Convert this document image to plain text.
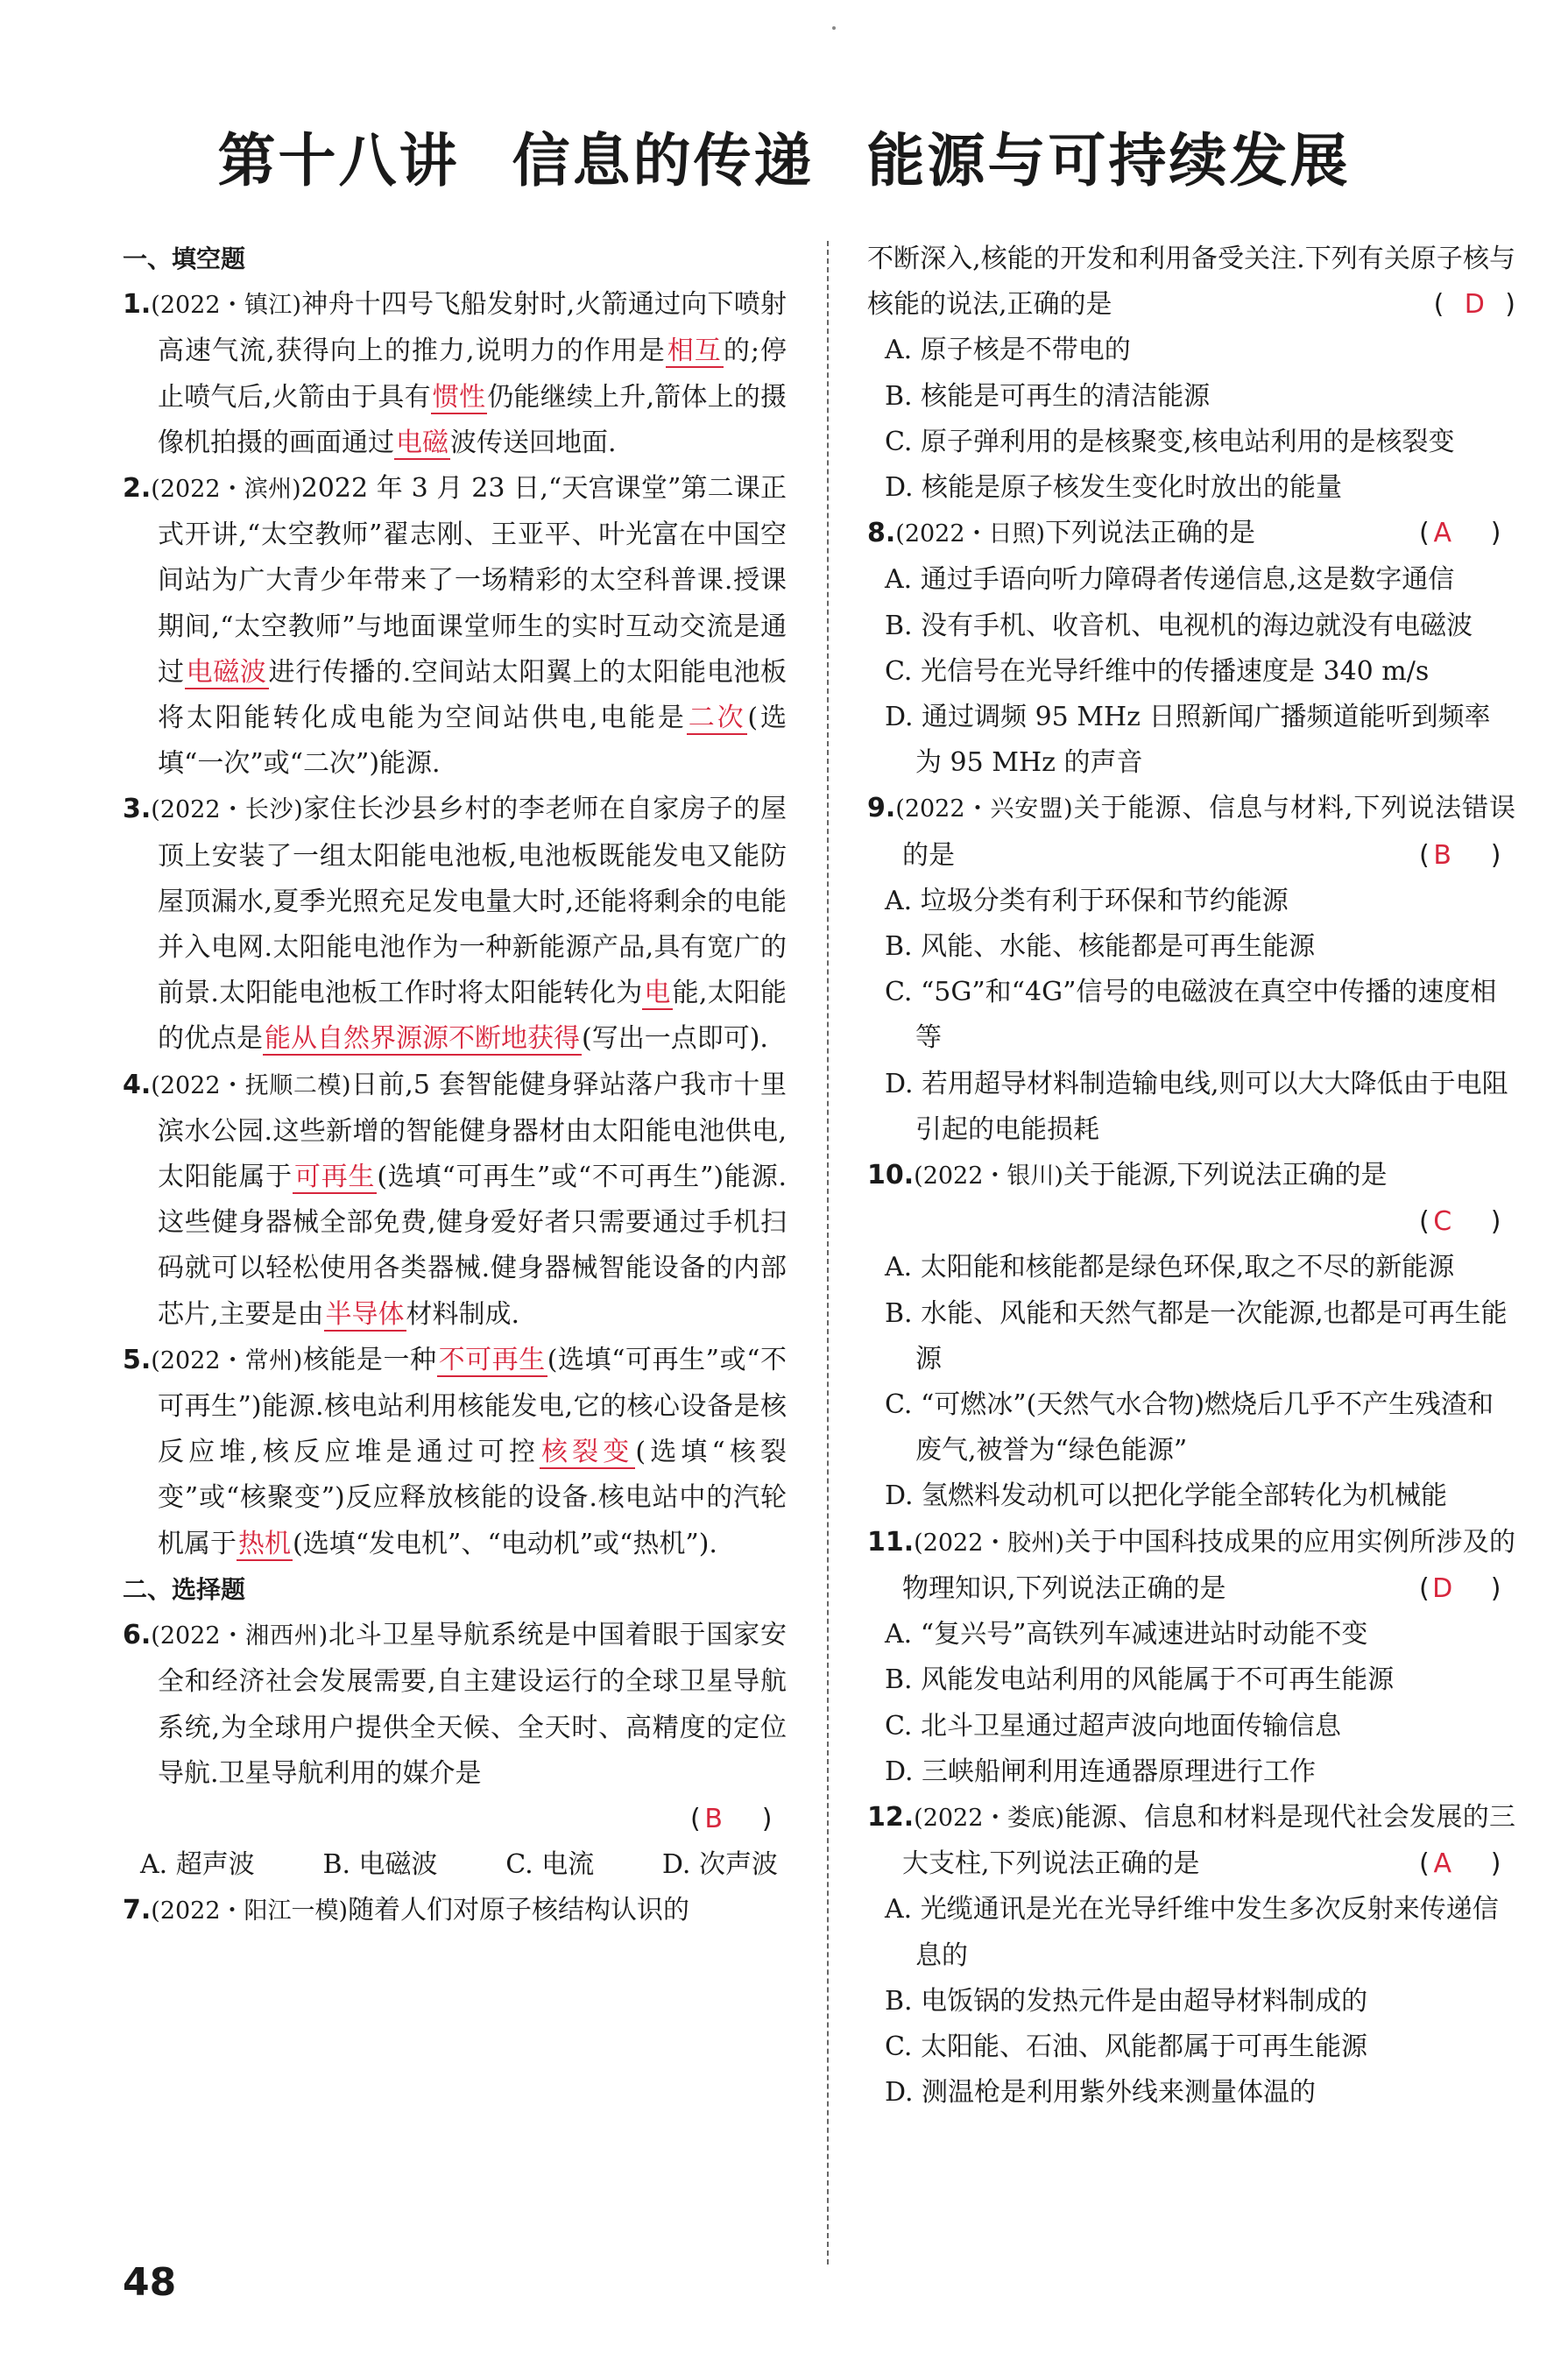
第十八讲 信息的传递 能源与可持续发展
一、填空题
1.(2022・镇江)神舟十四号飞船发射时,火箭通过向下喷射高速气流,获得向上的推力,说明力的作用是相互的;停止喷气后,火箭由于具有惯性仍能继续上升,箭体上的摄像机拍摄的画面通过电磁波传送回地面.
2.(2022・滨州)2022 年 3 月 23 日,“天宫课堂”第二课正式开讲,“太空教师”翟志刚、王亚平、叶光富在中国空间站为广大青少年带来了一场精彩的太空科普课.授课期间,“太空教师”与地面课堂师生的实时互动交流是通过电磁波进行传播的.空间站太阳翼上的太阳能电池板将太阳能转化成电能为空间站供电,电能是二次(选填“一次”或“二次”)能源.
3.(2022・长沙)家住长沙县乡村的李老师在自家房子的屋顶上安装了一组太阳能电池板,电池板既能发电又能防屋顶漏水,夏季光照充足发电量大时,还能将剩余的电能并入电网.太阳能电池作为一种新能源产品,具有宽广的前景.太阳能电池板工作时将太阳能转化为电能,太阳能的优点是能从自然界源源不断地获得(写出一点即可).
4.(2022・抚顺二模)日前,5 套智能健身驿站落户我市十里滨水公园.这些新增的智能健身器材由太阳能电池供电,太阳能属于可再生(选填“可再生”或“不可再生”)能源.这些健身器械全部免费,健身爱好者只需要通过手机扫码就可以轻松使用各类器械.健身器械智能设备的内部芯片,主要是由半导体材料制成.
5.(2022・常州)核能是一种不可再生(选填“可再生”或“不可再生”)能源.核电站利用核能发电,它的核心设备是核反应堆,核反应堆是通过可控核裂变(选填“核裂变”或“核聚变”)反应释放核能的设备.核电站中的汽轮机属于热机(选填“发电机”、“电动机”或“热机”).
二、选择题
6.(2022・湘西州)北斗卫星导航系统是中国着眼于国家安全和经济社会发展需要,自主建设运行的全球卫星导航系统,为全球用户提供全天候、全天时、高精度的定位导航.卫星导航利用的媒介是
( B )
A. 超声波	B. 电磁波	C. 电流	D. 次声波
7.(2022・阳江一模)随着人们对原子核结构认识的
不断深入,核能的开发和利用备受关注.下列有关原子核与核能的说法,正确的是	( D )
A. 原子核是不带电的
B. 核能是可再生的清洁能源
C. 原子弹利用的是核聚变,核电站利用的是核裂变
D. 核能是原子核发生变化时放出的能量
8.(2022・日照)下列说法正确的是	( A )
A. 通过手语向听力障碍者传递信息,这是数字通信
B. 没有手机、收音机、电视机的海边就没有电磁波
C. 光信号在光导纤维中的传播速度是 340 m/s
D. 通过调频 95 MHz 日照新闻广播频道能听到频率为 95 MHz 的声音
9.(2022・兴安盟)关于能源、信息与材料,下列说法错误的是	( B )
A. 垃圾分类有利于环保和节约能源
B. 风能、水能、核能都是可再生能源
C. “5G”和“4G”信号的电磁波在真空中传播的速度相等
D. 若用超导材料制造输电线,则可以大大降低由于电阻引起的电能损耗
10.(2022・银川)关于能源,下列说法正确的是
( C )
A. 太阳能和核能都是绿色环保,取之不尽的新能源
B. 水能、风能和天然气都是一次能源,也都是可再生能源
C. “可燃冰”(天然气水合物)燃烧后几乎不产生残渣和废气,被誉为“绿色能源”
D. 氢燃料发动机可以把化学能全部转化为机械能
11.(2022・胶州)关于中国科技成果的应用实例所涉及的物理知识,下列说法正确的是	( D )
A. “复兴号”高铁列车减速进站时动能不变
B. 风能发电站利用的风能属于不可再生能源
C. 北斗卫星通过超声波向地面传输信息
D. 三峡船闸利用连通器原理进行工作
12.(2022・娄底)能源、信息和材料是现代社会发展的三大支柱,下列说法正确的是	( A )
A. 光缆通讯是光在光导纤维中发生多次反射来传递信息的
B. 电饭锅的发热元件是由超导材料制成的
C. 太阳能、石油、风能都属于可再生能源
D. 测温枪是利用紫外线来测量体温的
48
